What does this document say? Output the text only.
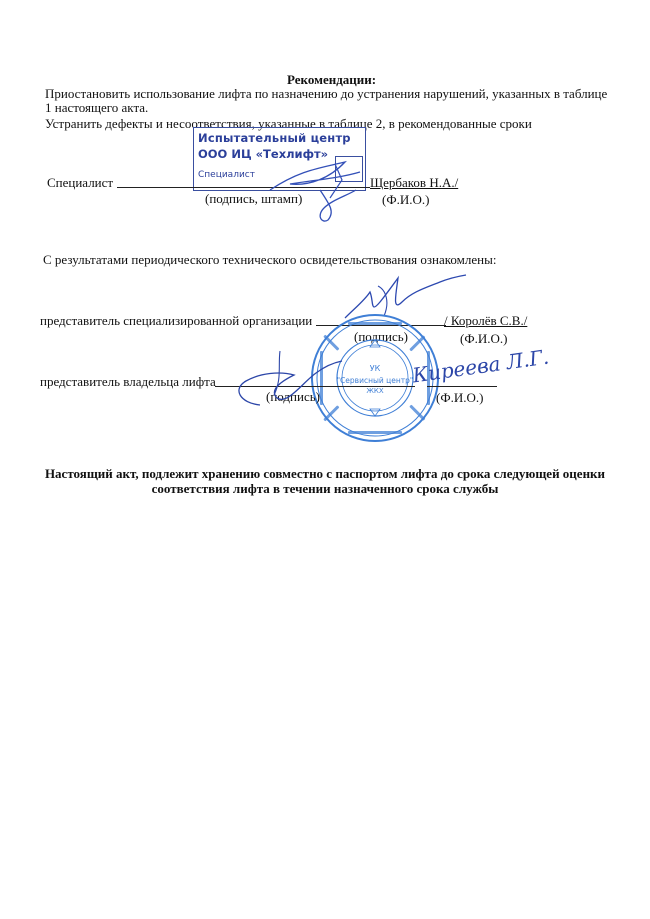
Рекомендации:
Приостановить использование лифта по назначению до устранения нарушений, указанных в таблице
1 настоящего акта.
Устранить дефекты и несоответствия, указанные в таблице 2, в рекомендованные сроки
Испытательный центр
ООО ИЦ «Техлифт»
Специалист
Специалист	Щербаков Н.А./
(подпись, штамп)	(Ф.И.О.)
С результатами периодического технического освидетельствования ознакомлены:
представитель специализированной организации	/ Королёв С.В./
(подпись)	(Ф.И.О.)
УК
"Сервисный центр"
ЖКХ
представитель владельца лифта
(подпись)	(Ф.И.О.)
Киреева Л.Г.
Настоящий акт, подлежит хранению совместно с паспортом лифта до срока следующей оценки
соответствия лифта в течении назначенного срока службы
